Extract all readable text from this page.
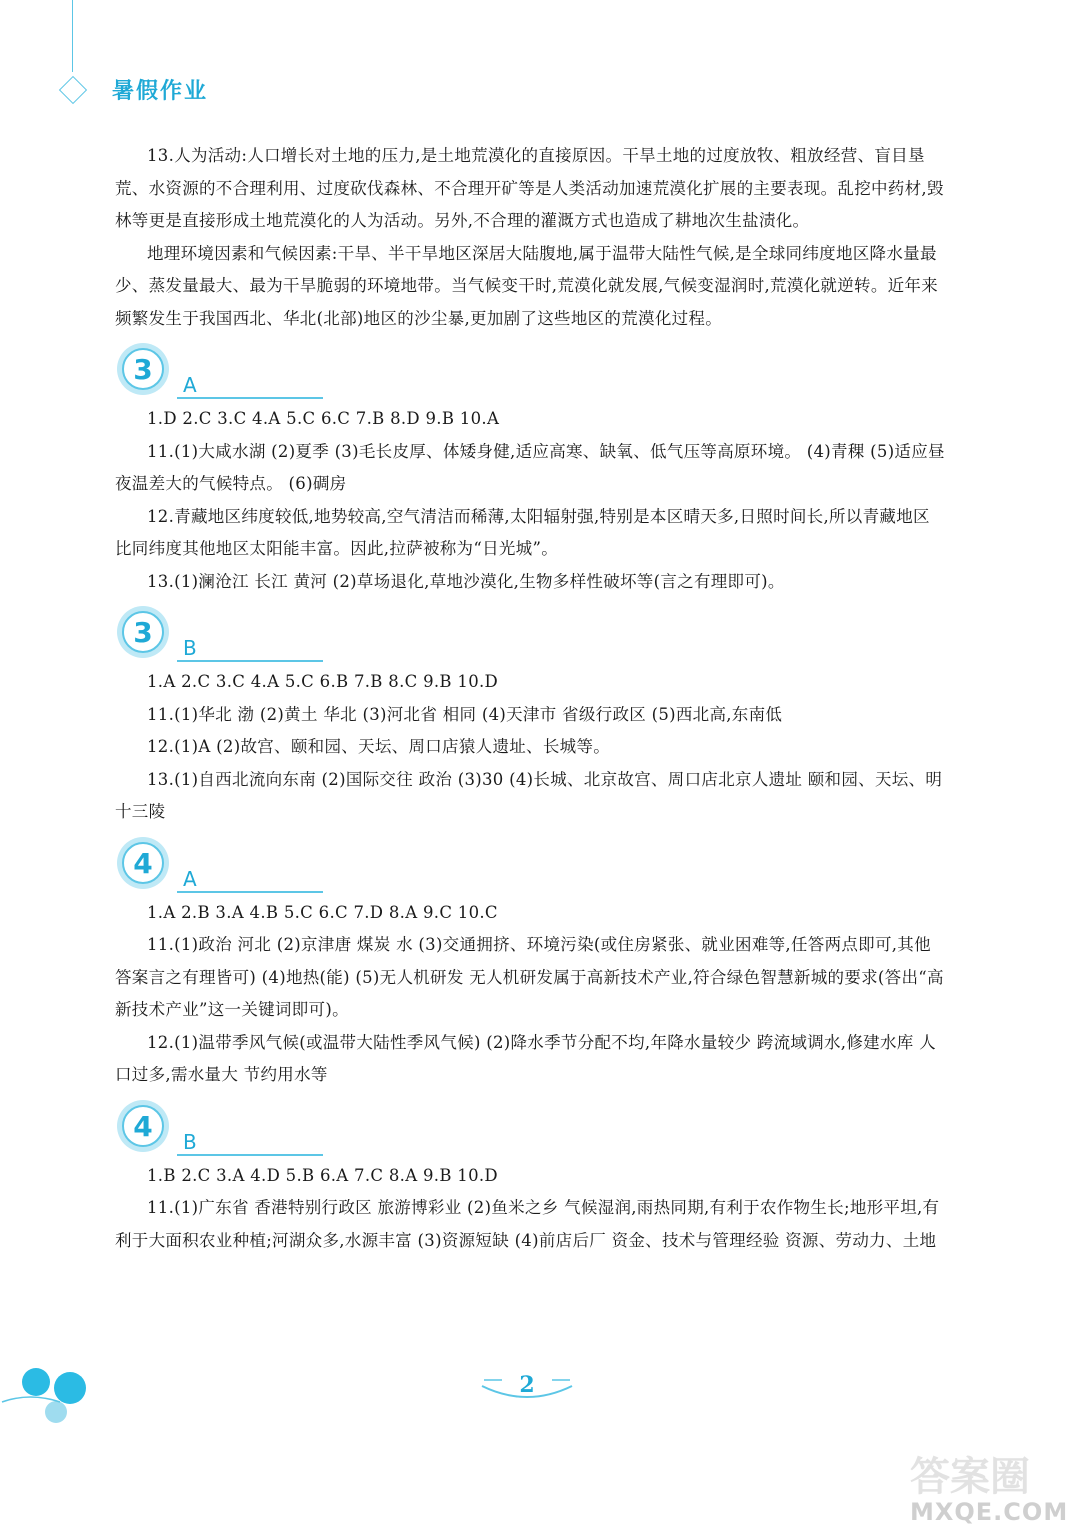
暑假作业

13.人为活动:人口增长对土地的压力,是土地荒漠化的直接原因。干旱土地的过度放牧、粗放经营、盲目垦荒、水资源的不合理利用、过度砍伐森林、不合理开矿等是人类活动加速荒漠化扩展的主要表现。乱挖中药材,毁林等更是直接形成土地荒漠化的人为活动。另外,不合理的灌溉方式也造成了耕地次生盐渍化。

地理环境因素和气候因素:干旱、半干旱地区深居大陆腹地,属于温带大陆性气候,是全球同纬度地区降水量最少、蒸发量最大、最为干旱脆弱的环境地带。当气候变干时,荒漠化就发展,气候变湿润时,荒漠化就逆转。近年来频繁发生于我国西北、华北(北部)地区的沙尘暴,更加剧了这些地区的荒漠化过程。

3 A

1.D 2.C 3.C 4.A 5.C 6.C 7.B 8.D 9.B 10.A

11.(1)大咸水湖 (2)夏季 (3)毛长皮厚、体矮身健,适应高寒、缺氧、低气压等高原环境。 (4)青稞 (5)适应昼夜温差大的气候特点。 (6)碉房

12.青藏地区纬度较低,地势较高,空气清洁而稀薄,太阳辐射强,特别是本区晴天多,日照时间长,所以青藏地区比同纬度其他地区太阳能丰富。因此,拉萨被称为“日光城”。

13.(1)澜沧江 长江 黄河 (2)草场退化,草地沙漠化,生物多样性破坏等(言之有理即可)。

3 B

1.A 2.C 3.C 4.A 5.C 6.B 7.B 8.C 9.B 10.D

11.(1)华北 渤 (2)黄土 华北 (3)河北省 相同 (4)天津市 省级行政区 (5)西北高,东南低

12.(1)A (2)故宫、颐和园、天坛、周口店猿人遗址、长城等。

13.(1)自西北流向东南 (2)国际交往 政治 (3)30 (4)长城、北京故宫、周口店北京人遗址 颐和园、天坛、明十三陵

4 A

1.A 2.B 3.A 4.B 5.C 6.C 7.D 8.A 9.C 10.C

11.(1)政治 河北 (2)京津唐 煤炭 水 (3)交通拥挤、环境污染(或住房紧张、就业困难等,任答两点即可,其他答案言之有理皆可) (4)地热(能) (5)无人机研发 无人机研发属于高新技术产业,符合绿色智慧新城的要求(答出“高新技术产业”这一关键词即可)。

12.(1)温带季风气候(或温带大陆性季风气候) (2)降水季节分配不均,年降水量较少 跨流域调水,修建水库 人口过多,需水量大 节约用水等

4 B

1.B 2.C 3.A 4.D 5.B 6.A 7.C 8.A 9.B 10.D

11.(1)广东省 香港特别行政区 旅游博彩业 (2)鱼米之乡 气候湿润,雨热同期,有利于农作物生长;地形平坦,有利于大面积农业种植;河湖众多,水源丰富 (3)资源短缺 (4)前店后厂 资金、技术与管理经验 资源、劳动力、土地

2
答案圈
MXQE.COM
